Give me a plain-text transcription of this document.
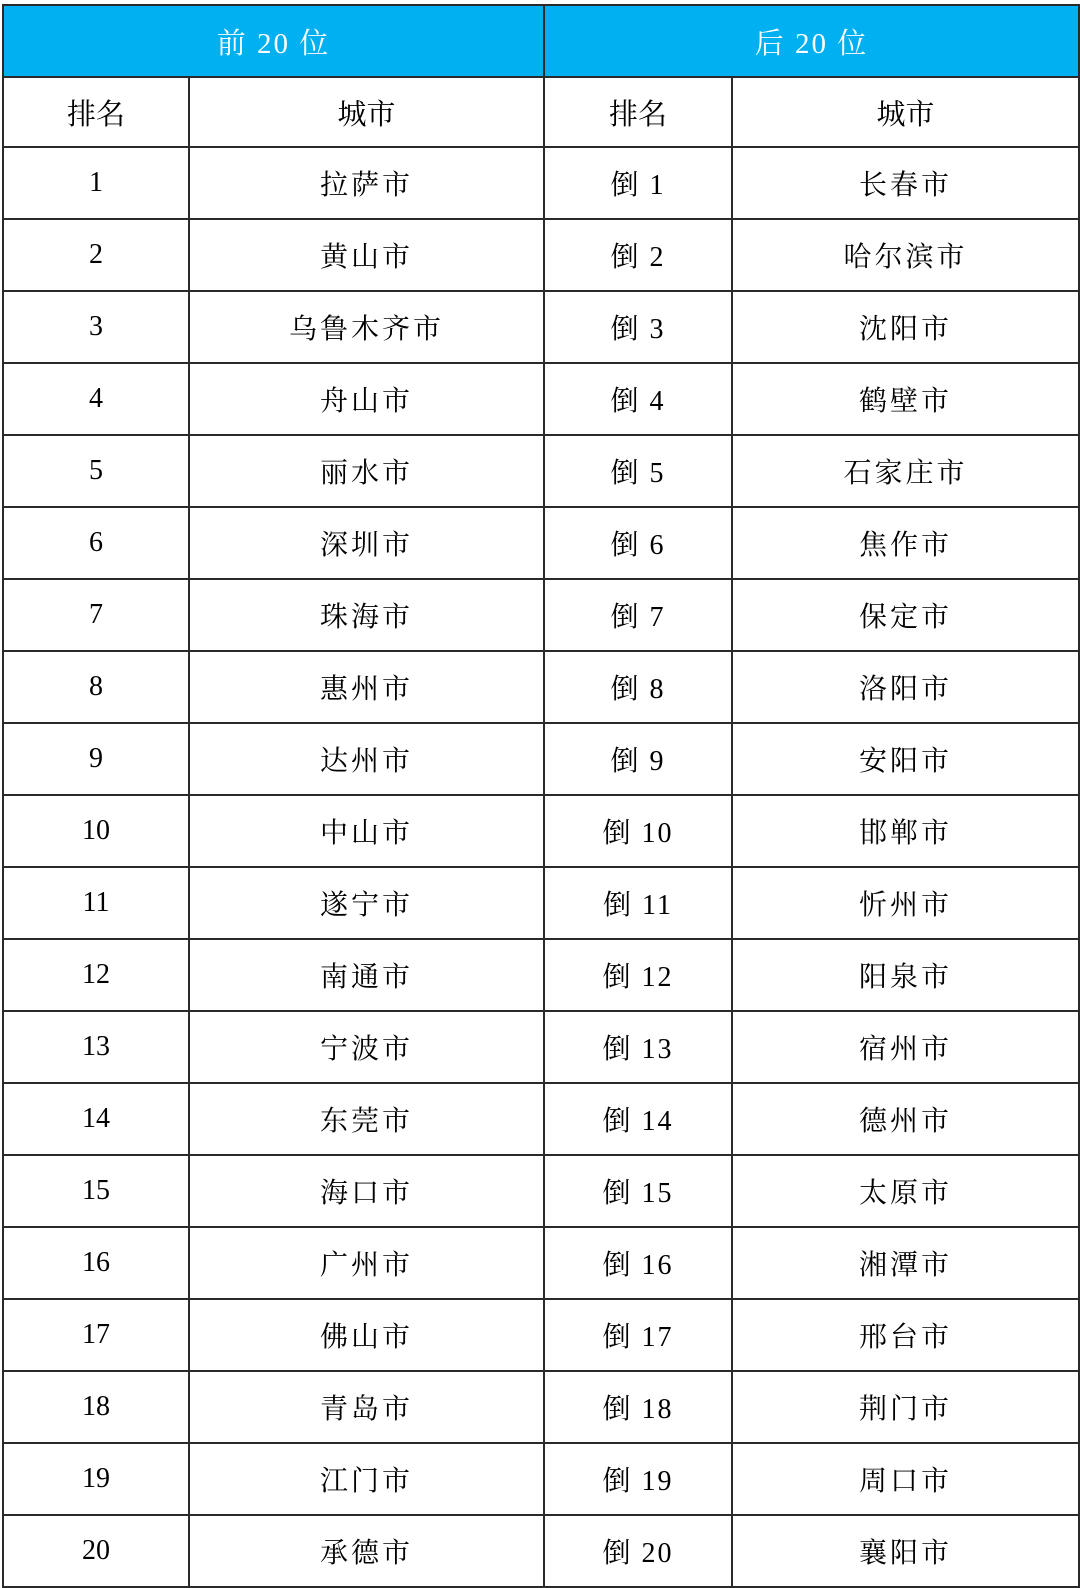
前 20 位		后 20 位	
排名	城市	排名	城市
1	拉萨市	倒 1	长春市
2	黄山市	倒 2	哈尔滨市
3	乌鲁木齐市	倒 3	沈阳市
4	舟山市	倒 4	鹤壁市
5	丽水市	倒 5	石家庄市
6	深圳市	倒 6	焦作市
7	珠海市	倒 7	保定市
8	惠州市	倒 8	洛阳市
9	达州市	倒 9	安阳市
10	中山市	倒 10	邯郸市
11	遂宁市	倒 11	忻州市
12	南通市	倒 12	阳泉市
13	宁波市	倒 13	宿州市
14	东莞市	倒 14	德州市
15	海口市	倒 15	太原市
16	广州市	倒 16	湘潭市
17	佛山市	倒 17	邢台市
18	青岛市	倒 18	荆门市
19	江门市	倒 19	周口市
20	承德市	倒 20	襄阳市
